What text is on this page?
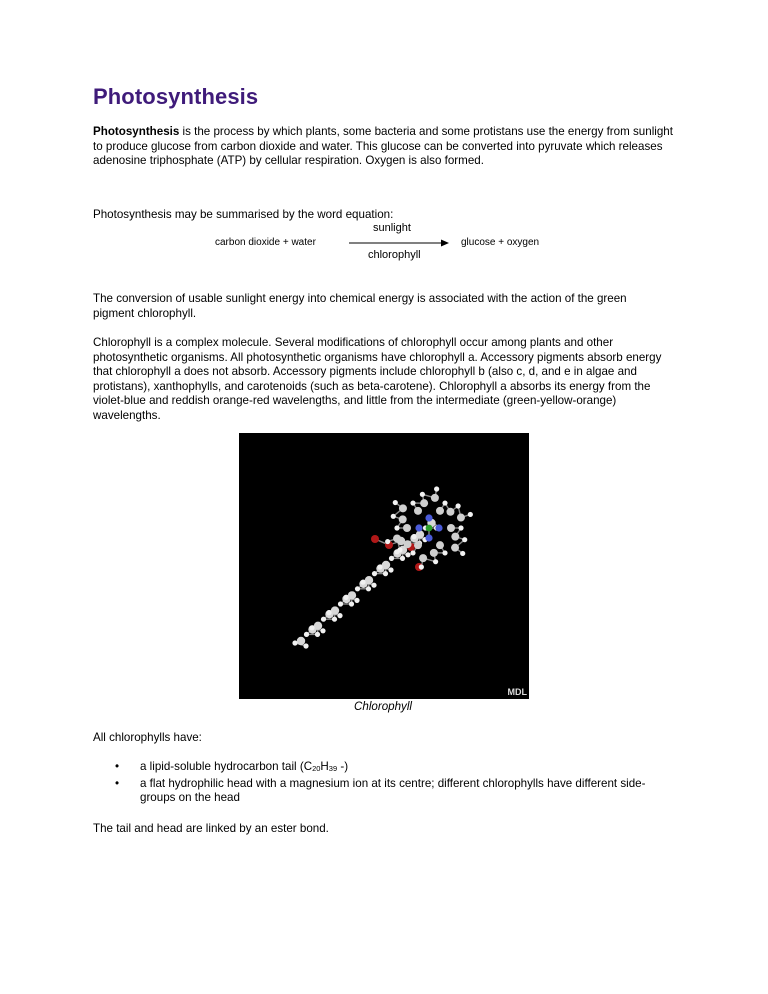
Photosynthesis

Photosynthesis is the process by which plants, some bacteria and some protistans use the energy from sunlight to produce glucose from carbon dioxide and water. This glucose can be converted into pyruvate which releases adenosine triphosphate (ATP) by cellular respiration. Oxygen is also formed.

Photosynthesis may be summarised by the word equation:

carbon dioxide + water
sunlight
chlorophyll
glucose + oxygen

The conversion of usable sunlight energy into chemical energy is associated with the action of the green pigment chlorophyll.

Chlorophyll is a complex molecule. Several modifications of chlorophyll occur among plants and other photosynthetic organisms. All photosynthetic organisms have chlorophyll a. Accessory pigments absorb energy that chlorophyll a does not absorb. Accessory pigments include chlorophyll b (also c, d, and e in algae and protistans), xanthophylls, and carotenoids (such as beta-carotene). Chlorophyll a absorbs its energy from the violet-blue and reddish orange-red wavelengths, and little from the intermediate (green-yellow-orange) wavelengths.

MDL
Chlorophyll

All chlorophylls have:

• a lipid-soluble hydrocarbon tail ($C_{20}H_{39}$ -)
• a flat hydrophilic head with a magnesium ion at its centre; different chlorophylls have different side-groups on the head

The tail and head are linked by an ester bond.
